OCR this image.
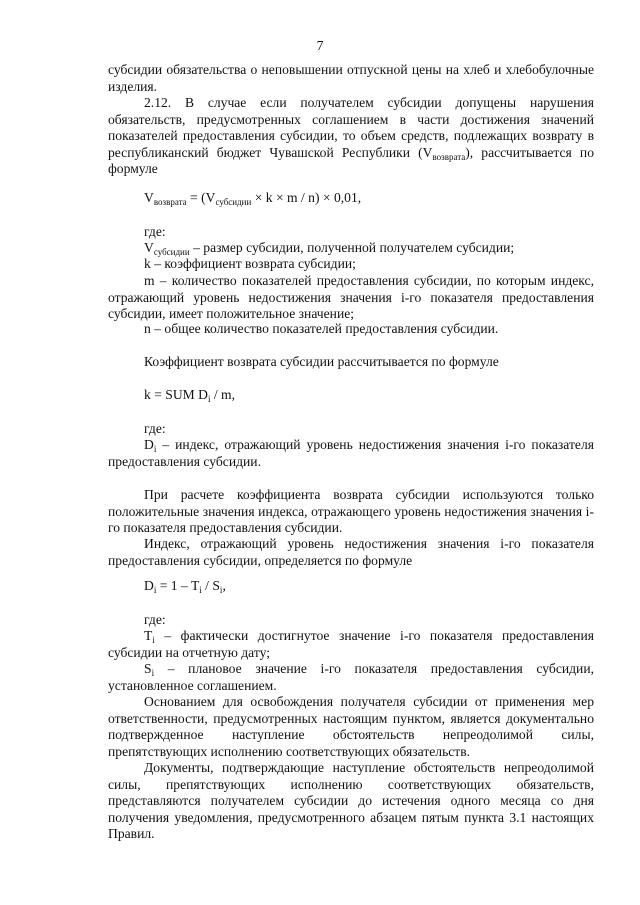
7

субсидии обязательства о неповышении отпускной цены на хлеб и хлебобулочные изделия.

2.12. В случае если получателем субсидии допущены нарушения обязательств, предусмотренных соглашением в части достижения значений показателей предоставления субсидии, то объем средств, подлежащих возврату в республиканский бюджет Чувашской Республики $(V_{возврата})$, рассчитывается по формуле

$V_{возврата} = (V_{субсидии} \times k \times m / n) \times 0,01$,

где:

$V_{субсидии}$ – размер субсидии, полученной получателем субсидии;

k – коэффициент возврата субсидии;

m – количество показателей предоставления субсидии, по которым индекс, отражающий уровень недостижения значения i-го показателя предоставления субсидии, имеет положительное значение;

n – общее количество показателей предоставления субсидии.

Коэффициент возврата субсидии рассчитывается по формуле

k = SUM $D_i$ / m,

где:

$D_i$ – индекс, отражающий уровень недостижения значения i-го показателя предоставления субсидии.

При расчете коэффициента возврата субсидии используются только положительные значения индекса, отражающего уровень недостижения значения i-го показателя предоставления субсидии.

Индекс, отражающий уровень недостижения значения i-го показателя предоставления субсидии, определяется по формуле

$D_i = 1 - T_i / S_i$,

где:

$T_i$ – фактически достигнутое значение i-го показателя предоставления субсидии на отчетную дату;

$S_i$ – плановое значение i-го показателя предоставления субсидии, установленное соглашением.

Основанием для освобождения получателя субсидии от применения мер ответственности, предусмотренных настоящим пунктом, является документально подтвержденное наступление обстоятельств непреодолимой силы, препятствующих исполнению соответствующих обязательств.

Документы, подтверждающие наступление обстоятельств непреодолимой силы, препятствующих исполнению соответствующих обязательств, представляются получателем субсидии до истечения одного месяца со дня получения уведомления, предусмотренного абзацем пятым пункта 3.1 настоящих Правил.
